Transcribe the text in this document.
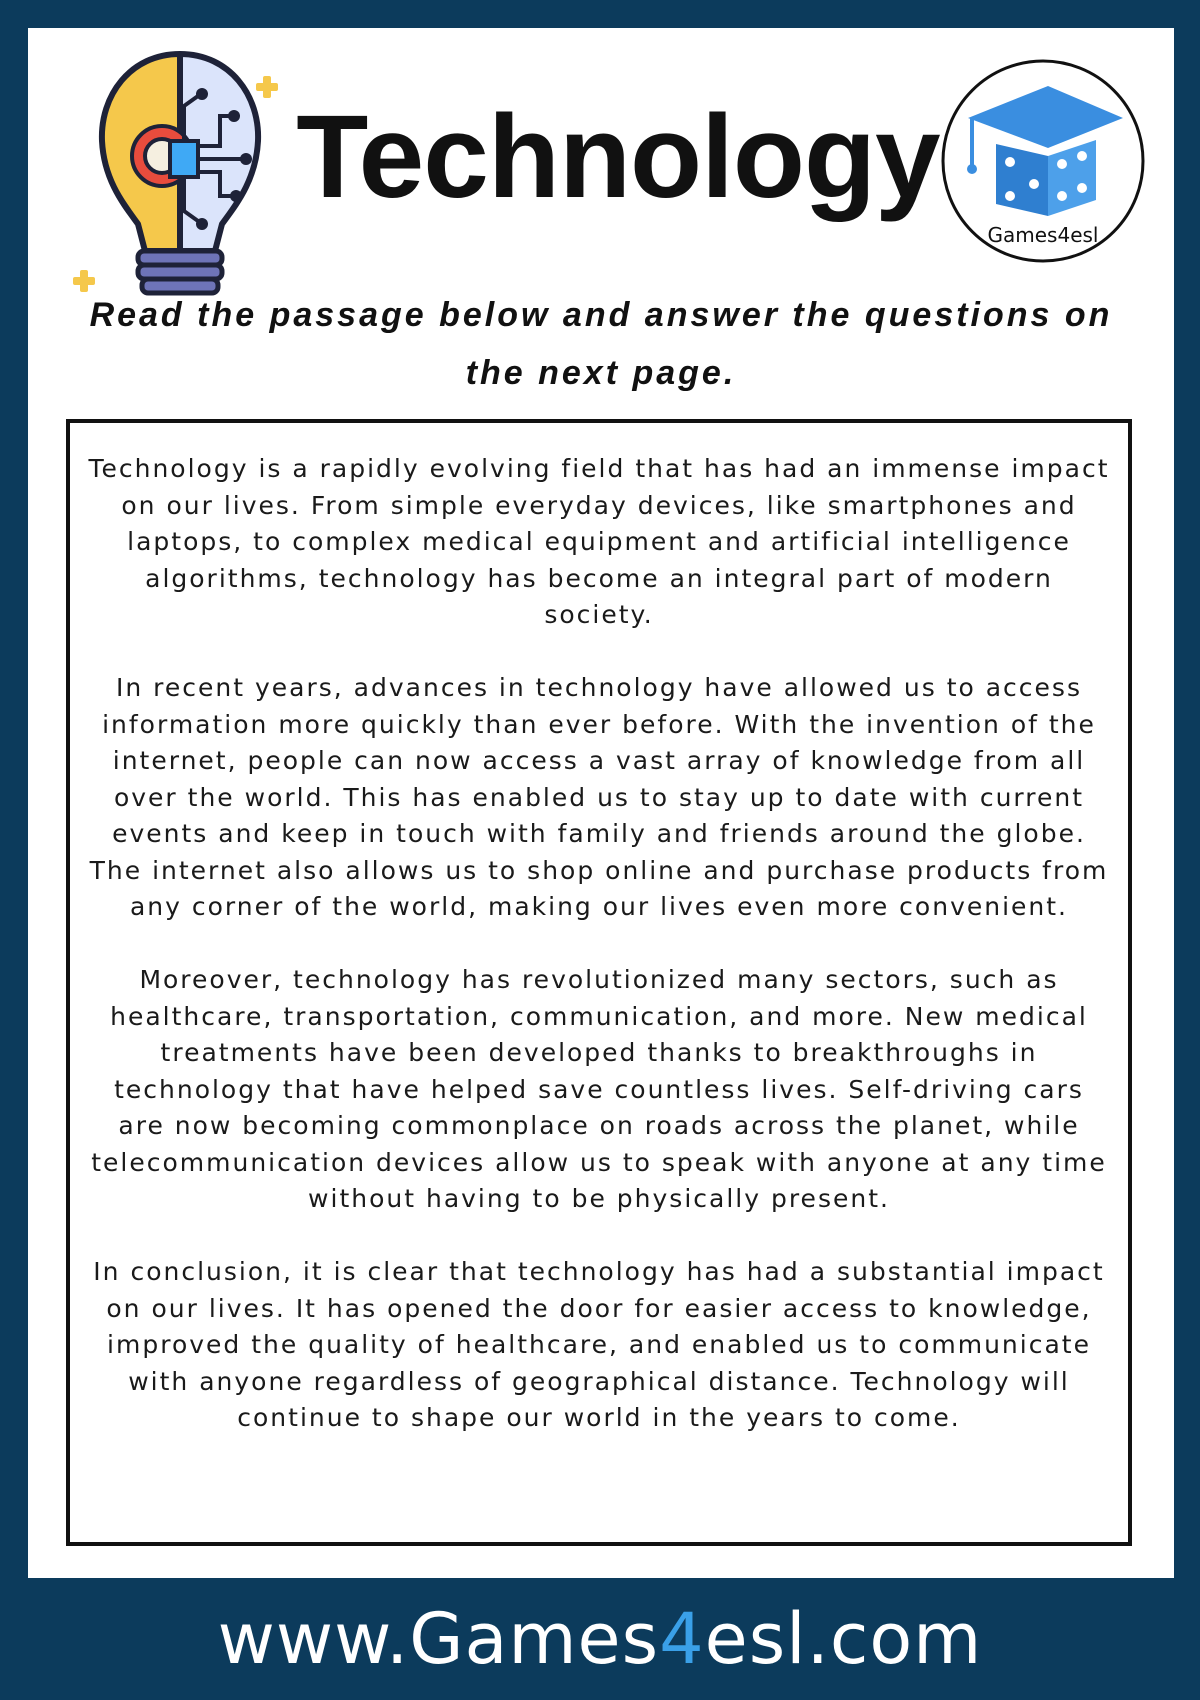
Technology
Games4esl
Read the passage below and answer the questions on the next page.

Technology is a rapidly evolving field that has had an immense impact on our lives. From simple everyday devices, like smartphones and laptops, to complex medical equipment and artificial intelligence algorithms, technology has become an integral part of modern society.

In recent years, advances in technology have allowed us to access information more quickly than ever before. With the invention of the internet, people can now access a vast array of knowledge from all over the world. This has enabled us to stay up to date with current events and keep in touch with family and friends around the globe. The internet also allows us to shop online and purchase products from any corner of the world, making our lives even more convenient.

Moreover, technology has revolutionized many sectors, such as healthcare, transportation, communication, and more. New medical treatments have been developed thanks to breakthroughs in technology that have helped save countless lives. Self-driving cars are now becoming commonplace on roads across the planet, while telecommunication devices allow us to speak with anyone at any time without having to be physically present.

In conclusion, it is clear that technology has had a substantial impact on our lives. It has opened the door for easier access to knowledge, improved the quality of healthcare, and enabled us to communicate with anyone regardless of geographical distance. Technology will continue to shape our world in the years to come.

www.Games4esl.com
